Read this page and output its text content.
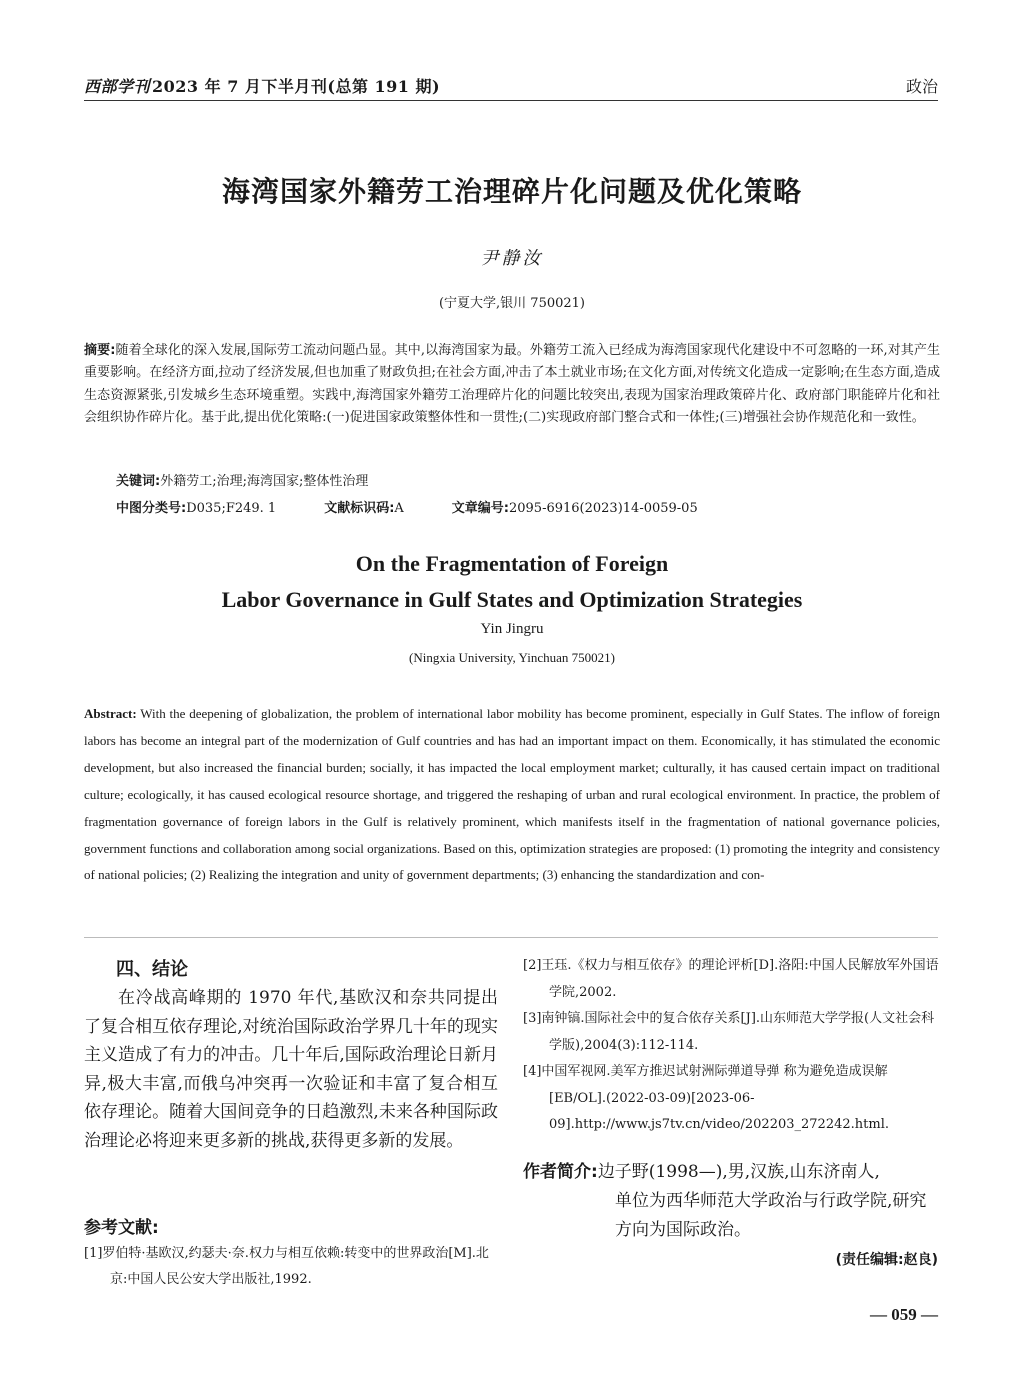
西部学刊 2023 年 7 月下半月刊(总第 191 期)	政治
海湾国家外籍劳工治理碎片化问题及优化策略
尹静汝
(宁夏大学,银川 750021)
摘要:随着全球化的深入发展,国际劳工流动问题凸显。其中,以海湾国家为最。外籍劳工流入已经成为海湾国家现代化建设中不可忽略的一环,对其产生重要影响。在经济方面,拉动了经济发展,但也加重了财政负担;在社会方面,冲击了本土就业市场;在文化方面,对传统文化造成一定影响;在生态方面,造成生态资源紧张,引发城乡生态环境重塑。实践中,海湾国家外籍劳工治理碎片化的问题比较突出,表现为国家治理政策碎片化、政府部门职能碎片化和社会组织协作碎片化。基于此,提出优化策略:(一)促进国家政策整体性和一贯性;(二)实现政府部门整合式和一体性;(三)增强社会协作规范化和一致性。
关键词:外籍劳工;治理;海湾国家;整体性治理
中图分类号:D035;F249. 1	文献标识码:A	文章编号:2095-6916(2023)14-0059-05
On the Fragmentation of Foreign
Labor Governance in Gulf States and Optimization Strategies
Yin Jingru
(Ningxia University, Yinchuan 750021)
Abstract: With the deepening of globalization, the problem of international labor mobility has become prominent, especially in Gulf States. The inflow of foreign labors has become an integral part of the modernization of Gulf countries and has had an important impact on them. Economically, it has stimulated the economic development, but also increased the financial burden; socially, it has impacted the local employment market; culturally, it has caused certain impact on traditional culture; ecologically, it has caused ecological resource shortage, and triggered the reshaping of urban and rural ecological environment. In practice, the problem of fragmentation governance of foreign labors in the Gulf is relatively prominent, which manifests itself in the fragmentation of national governance policies, government functions and collaboration among social organizations. Based on this, optimization strategies are proposed: (1) promoting the integrity and consistency of national policies; (2) Realizing the integration and unity of government departments; (3) enhancing the standardization and con-
四、结论
在冷战高峰期的 1970 年代,基欧汉和奈共同提出了复合相互依存理论,对统治国际政治学界几十年的现实主义造成了有力的冲击。几十年后,国际政治理论日新月异,极大丰富,而俄乌冲突再一次验证和丰富了复合相互依存理论。随着大国间竞争的日趋激烈,未来各种国际政治理论必将迎来更多新的挑战,获得更多新的发展。
参考文献:
[1]罗伯特·基欧汉,约瑟夫·奈.权力与相互依赖:转变中的世界政治[M].北京:中国人民公安大学出版社,1992.
[2]王珏.《权力与相互依存》的理论评析[D].洛阳:中国人民解放军外国语学院,2002.
[3]南钟镐.国际社会中的复合依存关系[J].山东师范大学学报(人文社会科学版),2004(3):112-114.
[4]中国军视网.美军方推迟试射洲际弹道导弹 称为避免造成误解[EB/OL].(2022-03-09)[2023-06-09].http://www.js7tv.cn/video/202203_272242.html.
作者简介:边子野(1998—),男,汉族,山东济南人,
单位为西华师范大学政治与行政学院,研究方向为国际政治。
(责任编辑:赵良)
— 059 —
